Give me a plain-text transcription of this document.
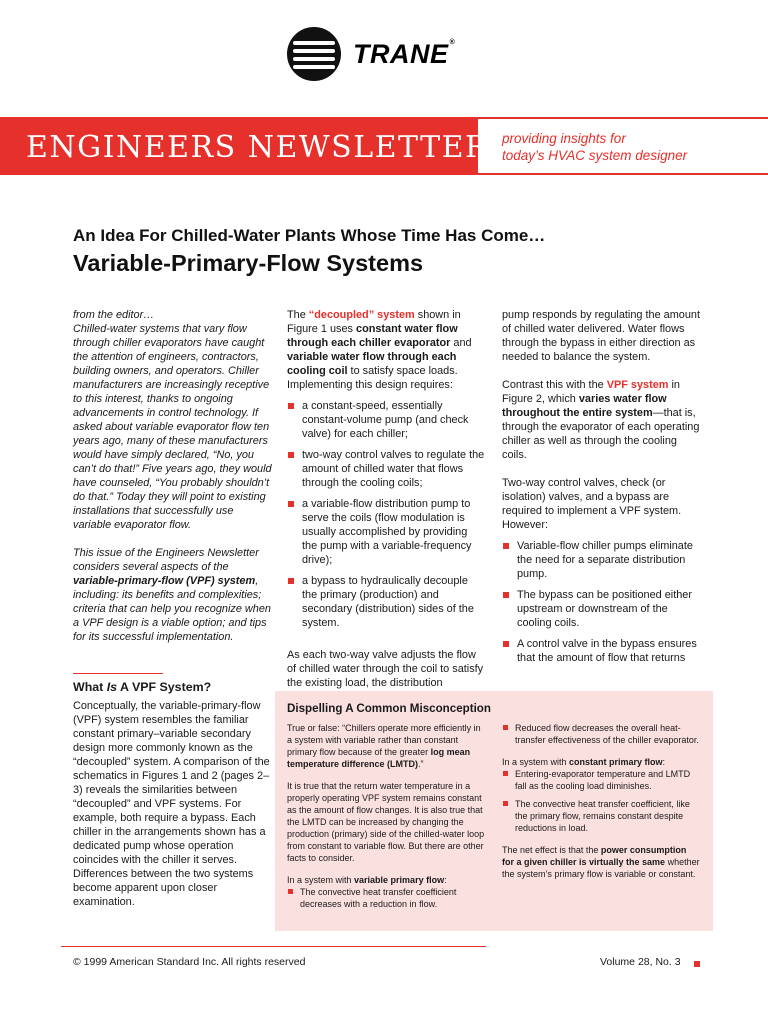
TRANE®
ENGINEERS NEWSLETTER providing insights for
today’s HVAC system designer
An Idea For Chilled-Water Plants Whose Time Has Come…
Variable-Primary-Flow Systems

from the editor…

Chilled-water systems that vary flow through chiller evaporators have caught the attention of engineers, contractors, building owners, and operators. Chiller manufacturers are increasingly receptive to this interest, thanks to ongoing advancements in control technology. If asked about variable evaporator flow ten years ago, many of these manufacturers would have simply declared, “No, you can’t do that!” Five years ago, they would have counseled, “You probably shouldn’t do that.” Today they will point to existing installations that successfully use variable evaporator flow.

This issue of the Engineers Newsletter considers several aspects of the variable-primary-flow (VPF) system, including: its benefits and complexities; criteria that can help you recognize when a VPF design is a viable option; and tips for its successful implementation.

What Is A VPF System?
Conceptually, the variable-primary-flow (VPF) system resembles the familiar constant primary–variable secondary design more commonly known as the “decoupled” system. A comparison of the schematics in Figures 1 and 2 (pages 2–3) reveals the similarities between “decoupled” and VPF systems. For example, both require a bypass. Each chiller in the arrangements shown has a dedicated pump whose operation coincides with the chiller it serves. Differences between the two systems become apparent upon closer examination.

The “decoupled” system shown in Figure 1 uses constant water flow through each chiller evaporator and variable water flow through each cooling coil to satisfy space loads. Implementing this design requires:

a constant-speed, essentially constant-volume pump (and check valve) for each chiller;
two-way control valves to regulate the amount of chilled water that flows through the cooling coils;
a variable-flow distribution pump to serve the coils (flow modulation is usually accomplished by providing the pump with a variable-frequency drive);
a bypass to hydraulically decouple the primary (production) and secondary (distribution) sides of the system.

As each two-way valve adjusts the flow of chilled water through the coil to satisfy the existing load, the distribution

pump responds by regulating the amount of chilled water delivered. Water flows through the bypass in either direction as needed to balance the system.

Contrast this with the VPF system in Figure 2, which varies water flow throughout the entire system—that is, through the evaporator of each operating chiller as well as through the cooling coils.

Two-way control valves, check (or isolation) valves, and a bypass are required to implement a VPF system. However:

Variable-flow chiller pumps eliminate the need for a separate distribution pump.
The bypass can be positioned either upstream or downstream of the cooling coils.
A control valve in the bypass ensures that the amount of flow that returns
Dispelling A Common Misconception

True or false: “Chillers operate more efficiently in a system with variable rather than constant primary flow because of the greater log mean temperature difference (LMTD).”

It is true that the return water temperature in a properly operating VPF system remains constant as the amount of flow changes. It is also true that the LMTD can be increased by changing the production (primary) side of the chilled-water loop from constant to variable flow. But there are other facts to consider.

In a system with variable primary flow:

The convective heat transfer coefficient decreases with a reduction in flow.
Reduced flow decreases the overall heat-transfer effectiveness of the chiller evaporator.

In a system with constant primary flow:

Entering-evaporator temperature and LMTD fall as the cooling load diminishes.
The convective heat transfer coefficient, like the primary flow, remains constant despite reductions in load.

The net effect is that the power consumption for a given chiller is virtually the same whether the system’s primary flow is variable or constant.

© 1999 American Standard Inc. All rights reserved	Volume 28, No. 3
